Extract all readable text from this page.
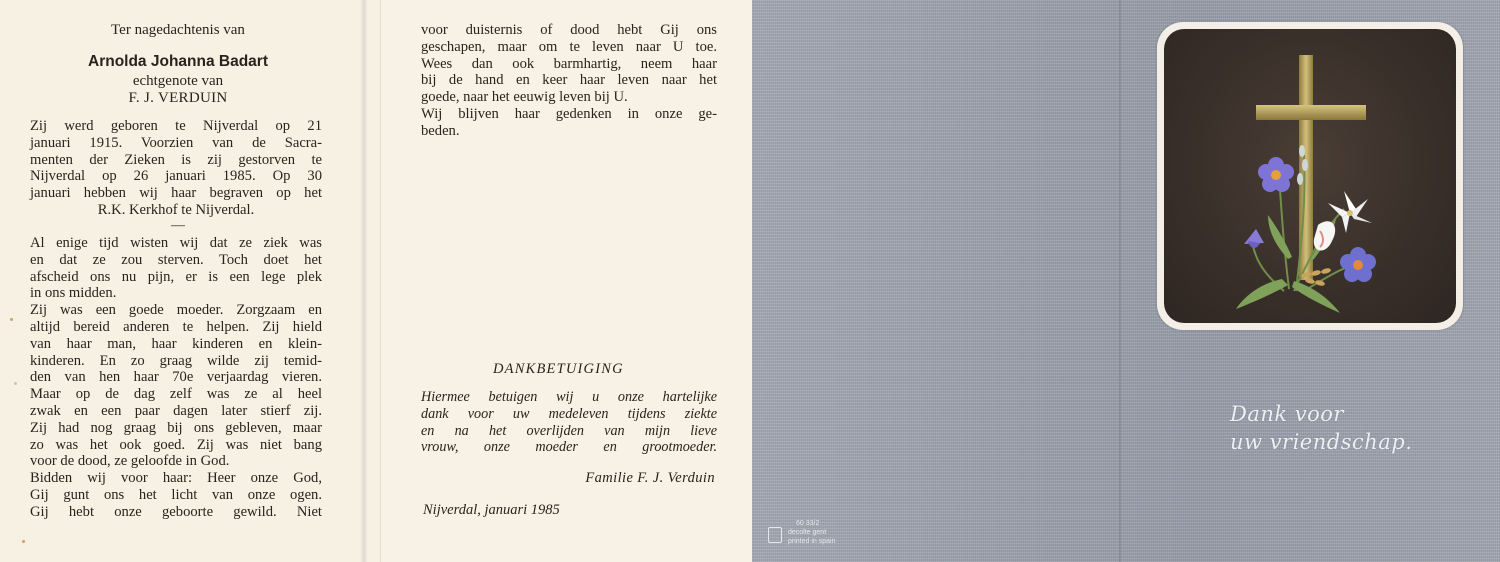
Ter nagedachtenis van
Arnolda Johanna Badart
echtgenote van
F. J. VERDUIN
Zij werd geboren te Nijverdal op 21
januari 1915. Voorzien van de Sacra-
menten der Zieken is zij gestorven te
Nijverdal op 26 januari 1985. Op 30
januari hebben wij haar begraven op het
R.K. Kerkhof te Nijverdal.
—
Al enige tijd wisten wij dat ze ziek was
en dat ze zou sterven. Toch doet het
afscheid ons nu pijn, er is een lege plek
in ons midden.
Zij was een goede moeder. Zorgzaam en
altijd bereid anderen te helpen. Zij hield
van haar man, haar kinderen en klein-
kinderen. En zo graag wilde zij temid-
den van hen haar 70e verjaardag vieren.
Maar op de dag zelf was ze al heel
zwak en een paar dagen later stierf zij.
Zij had nog graag bij ons gebleven, maar
zo was het ook goed. Zij was niet bang
voor de dood, ze geloofde in God.
Bidden wij voor haar: Heer onze God,
Gij gunt ons het licht van onze ogen.
Gij hebt onze geboorte gewild. Niet

voor duisternis of dood hebt Gij ons

geschapen, maar om te leven naar U toe.

Wees dan ook barmhartig, neem haar

bij de hand en keer haar leven naar het

goede, naar het eeuwig leven bij U.

Wij blijven haar gedenken in onze ge-

beden.

DANKBETUIGING

Hiermee betuigen wij u onze hartelijke

dank voor uw medeleven tijdens ziekte

en na het overlijden van mijn lieve

vrouw, onze moeder en grootmoeder.

Familie F. J. Verduin
Nijverdal, januari 1985
Dank voor
uw vriendschap.
60 33/2
decolte gent
printed in spain
